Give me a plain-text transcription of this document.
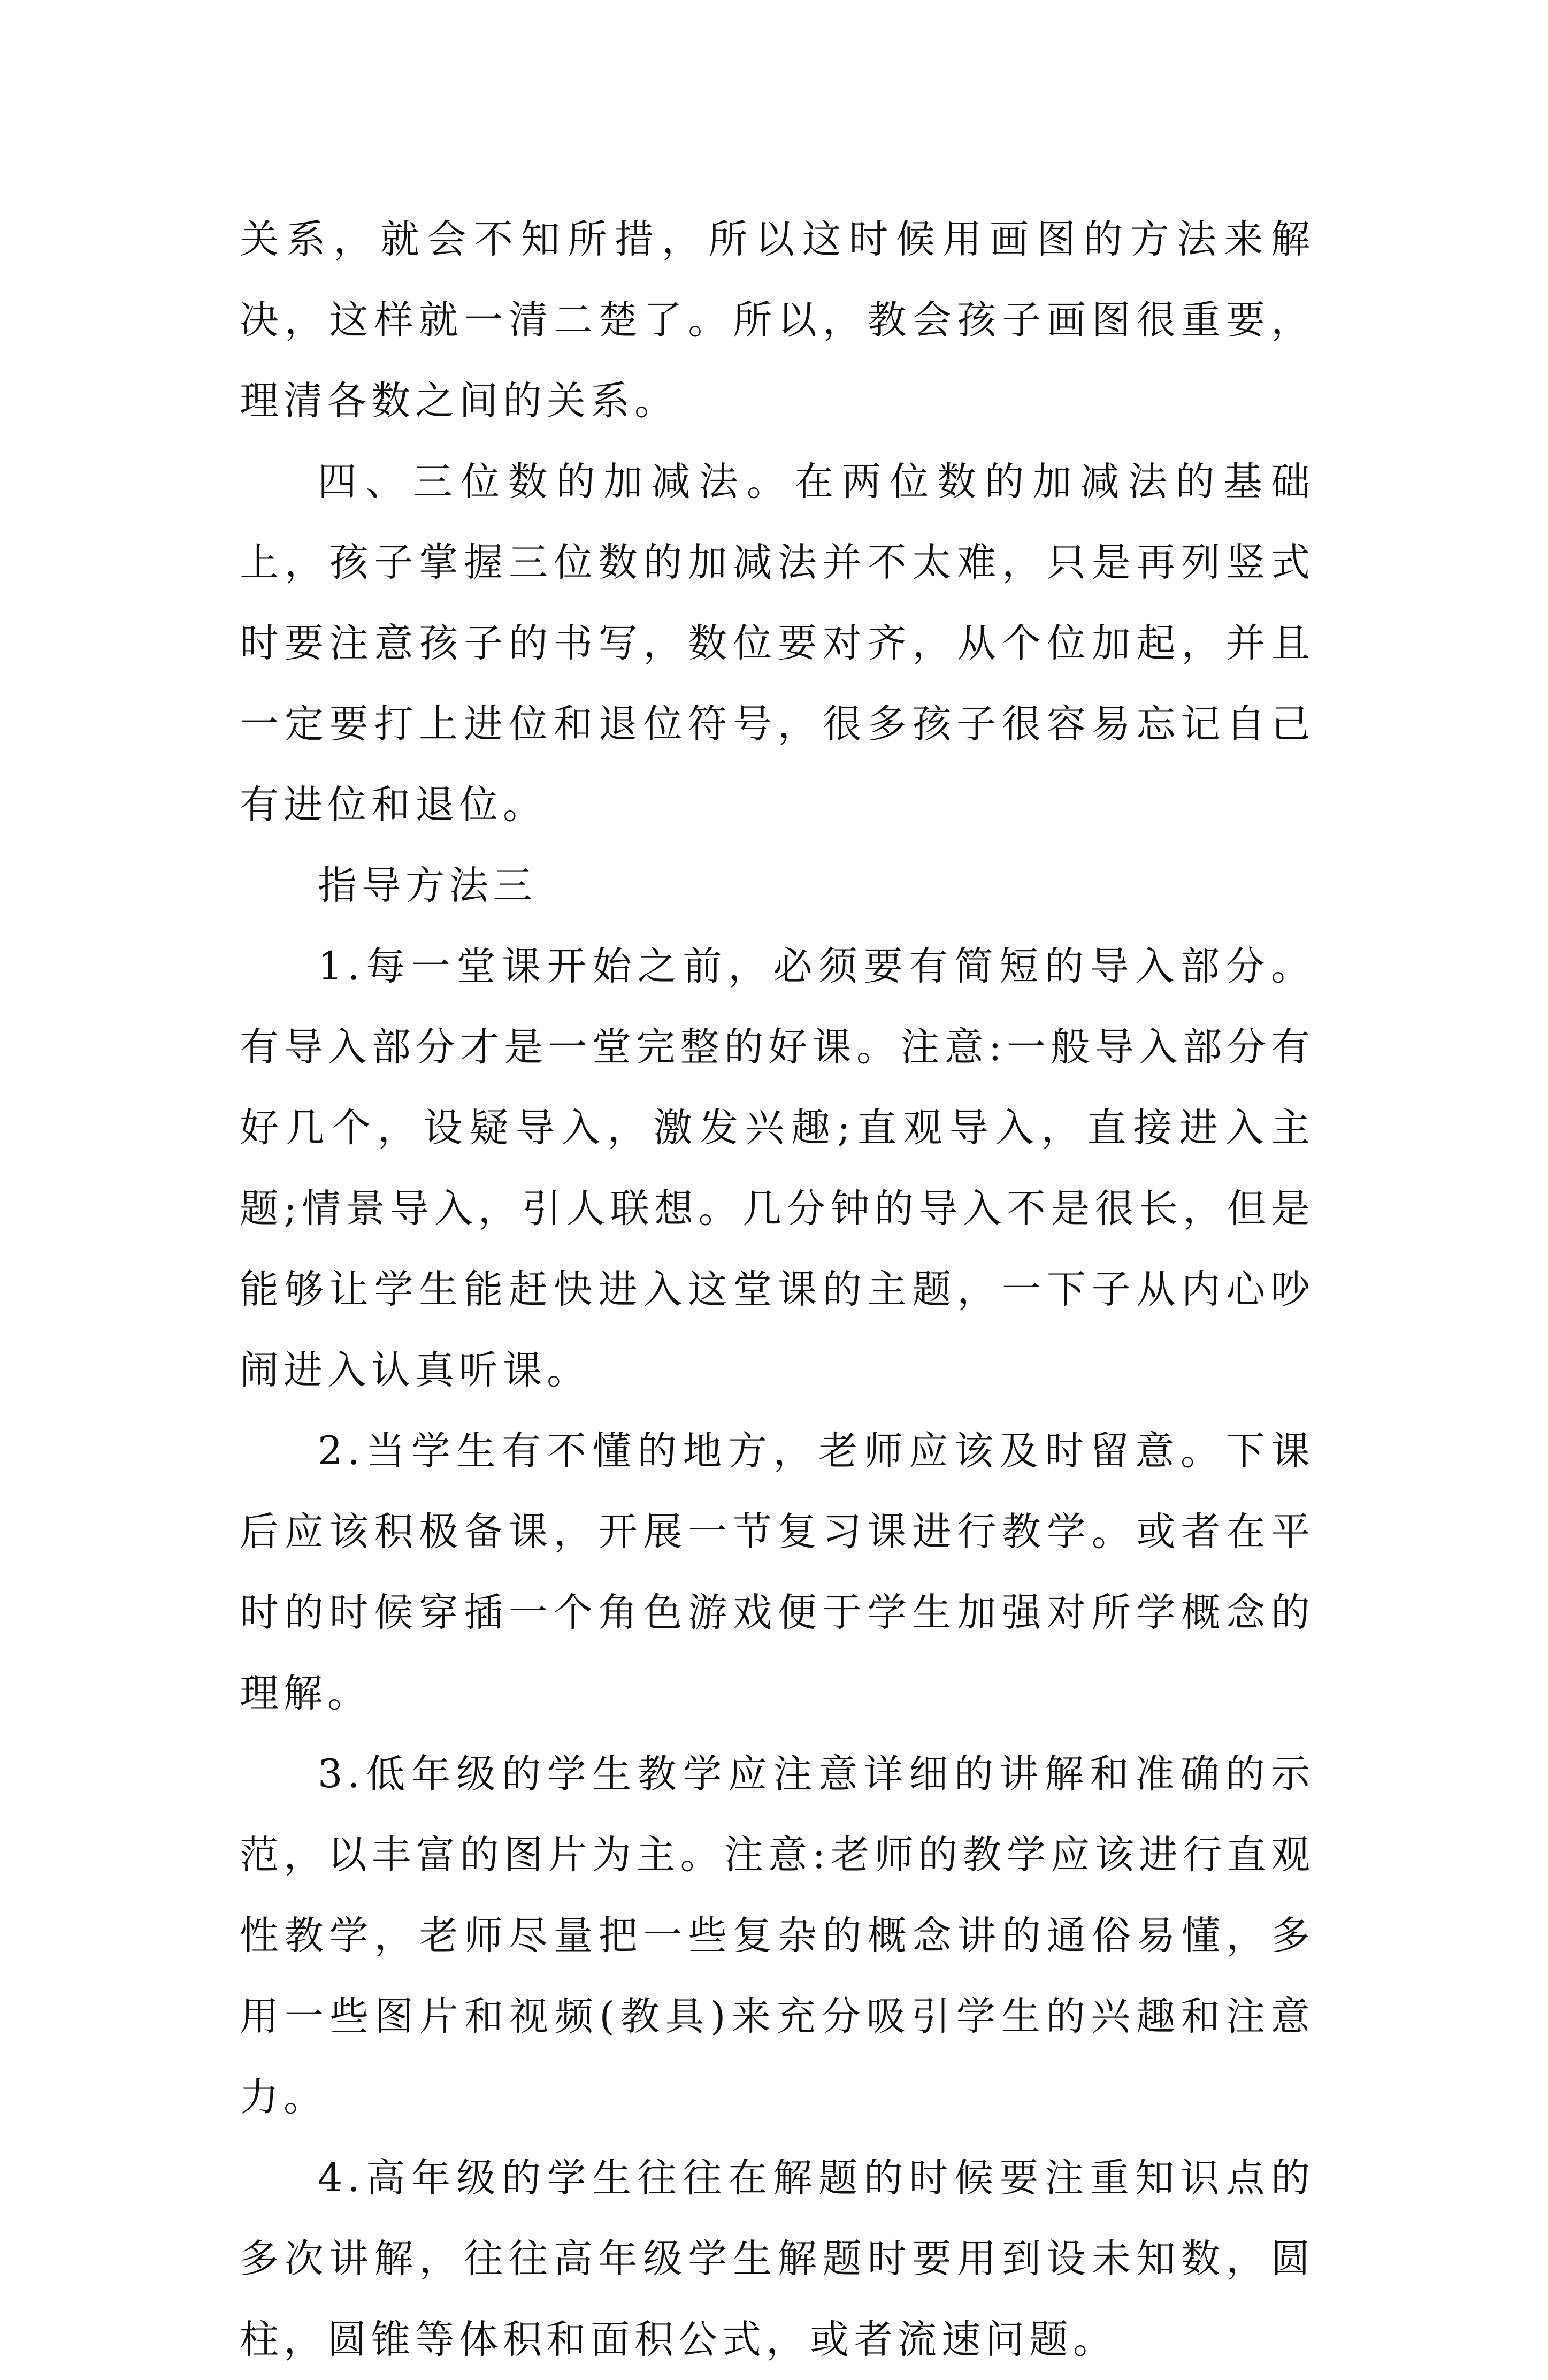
关系，就会不知所措，所以这时候用画图的方法来解决，这样就一清二楚了。所以，教会孩子画图很重要，理清各数之间的关系。

四、三位数的加减法。在两位数的加减法的基础上，孩子掌握三位数的加减法并不太难，只是再列竖式时要注意孩子的书写，数位要对齐，从个位加起，并且一定要打上进位和退位符号，很多孩子很容易忘记自己有进位和退位。

指导方法三

1.每一堂课开始之前，必须要有简短的导入部分。有导入部分才是一堂完整的好课。注意:一般导入部分有好几个，设疑导入，激发兴趣;直观导入，直接进入主题;情景导入，引人联想。几分钟的导入不是很长，但是能够让学生能赶快进入这堂课的主题，一下子从内心吵闹进入认真听课。

2.当学生有不懂的地方，老师应该及时留意。下课后应该积极备课，开展一节复习课进行教学。或者在平时的时候穿插一个角色游戏便于学生加强对所学概念的理解。

3.低年级的学生教学应注意详细的讲解和准确的示范，以丰富的图片为主。注意:老师的教学应该进行直观性教学，老师尽量把一些复杂的概念讲的通俗易懂，多用一些图片和视频(教具)来充分吸引学生的兴趣和注意力。

4.高年级的学生往往在解题的时候要注重知识点的多次讲解，往往高年级学生解题时要用到设未知数，圆柱，圆锥等体积和面积公式，或者流速问题。
